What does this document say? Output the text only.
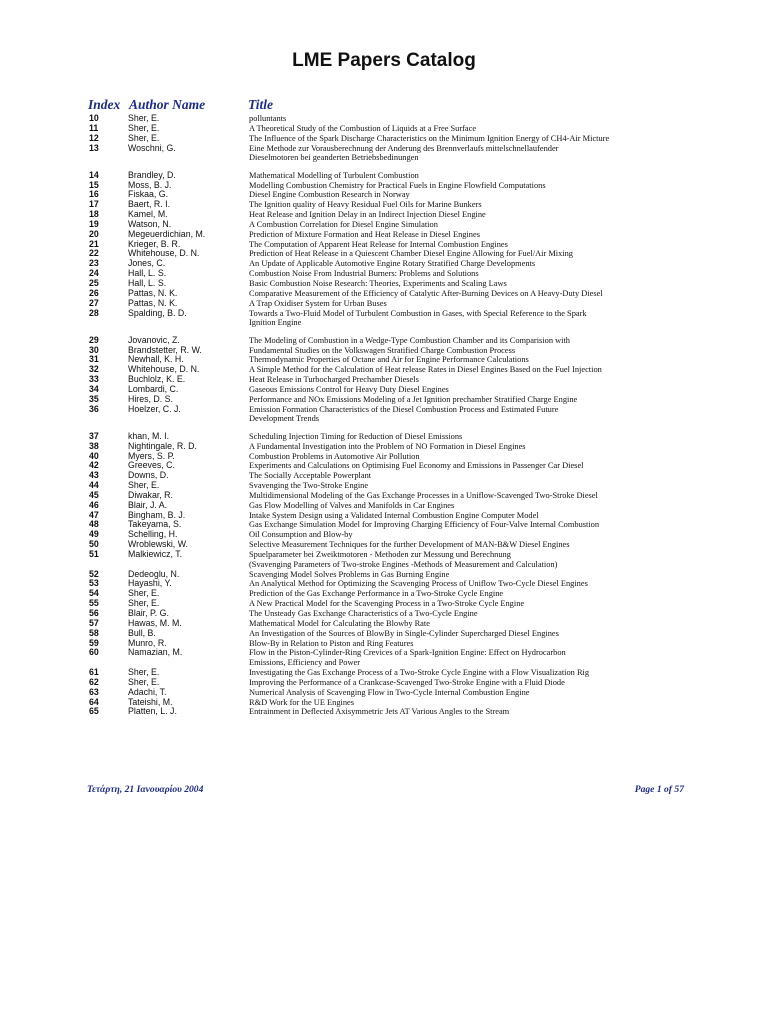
LME Papers Catalog
Index Author Name	Title
10	Sher, E.	polluntants
11	Sher, E.	A Theoretical Study of the Combustion of Liquids at a Free Surface
12	Sher, E.	The Influence of the Spark Discharge Characteristics on the Minimum Ignition Energy of CH4-Air Micture
13	Woschni, G.	Eine Methode zur Vorausberechnung der Anderung des Brennverlaufs mittelschnellaufender
Dieselmotoren bei geanderten Betriebsbedinungen
14	Brandley, D.	Mathematical Modelling of Turbulent Combustion
15	Moss, B. J.	Modelling Combustion Chemistry for Practical Fuels in Engine Flowfield Computations
16	Fiskaa, G.	Diesel Engine Combustion Research in Norway
17	Baert, R. I.	The Ignition quality of Heavy Residual Fuel Oils for Marine Bunkers
18	Kamel, M.	Heat Release and Ignition Delay in an Indirect Injection Diesel Engine
19	Watson, N.	A Combustion Correlation for Diesel Engine Simulation
20	Megeuerdichian, M.	Prediction of Mixture Formation and Heat Release in Diesel Engines
21	Krieger, B. R.	The Computation of Apparent Heat Release for Internal Combustion Engines
22	Whitehouse, D. N.	Prediction of Heat Release in a Quiescent Chamber Diesel Engine Allowing for Fuel/Air Mixing
23	Jones, C.	An Update of Applicable Automotive Engine Rotary Stratified Charge Developments
24	Hall, L. S.	Combustion Noise From Industrial Burners: Problems and Solutions
25	Hall, L. S.	Basic Combustion Noise Research: Theories, Experiments and Scaling Laws
26	Pattas, N. K.	Comparative Measurement of the Efficiency of Catalytic After-Burning Devices on A Heavy-Duty Diesel
27	Pattas, N. K.	A Trap Oxidiser System for Urban Buses
28	Spalding, B. D.	Towards a Two-Fluid Model of Turbulent Combustion in Gases, with Special Reference to the Spark
Ignition Engine
29	Jovanovic, Z.	The Modeling of Combustion in a Wedge-Type Combustion Chamber and its Comparision with
30	Brandstetter, R. W.	Fundamental Studies on the Volkswagen Stratified Charge Combustion Process
31	Newhall, K. H.	Thermodynamic Properties of Octane and Air for Engine Performance Calculations
32	Whitehouse, D. N.	A Simple Method for the Calculation of Heat release Rates in Diesel Engines Based on the Fuel Injection
33	Buchlolz, K. E.	Heat Release in Turbocharged Prechamber Diesels
34	Lombardi, C.	Gaseous Emissions Control for Heavy Duty Diesel Engines
35	Hires, D. S.	Performance and NOx Emissions Modeling of a Jet Ignition prechamber Stratified Charge Engine
36	Hoelzer, C. J.	Emission Formation Characteristics of the Diesel Combustion Process and Estimated Future
Development Trends
37	khan, M. I.	Scheduling Injection Timing for Reduction of Diesel Emissions
38	Nightingale, R. D.	A Fundamental Investigation into the Problem of NO Formation in Diesel Engines
40	Myers, S. P.	Combustion Problems in Automotive Air Pollution
42	Greeves, C.	Experiments and Calculations on Optimising Fuel Economy and Emissions in Passenger Car Diesel
43	Downs, D.	The Socially Acceptable Powerplant
44	Sher, E.	Svavenging the Two-Stroke Engine
45	Diwakar, R.	Multidimensional Modeling of the Gas Exchange Processes in a Uniflow-Scavenged Two-Stroke Diesel
46	Blair, J. A.	Gas Flow Modelling of Valves and Manifolds in Car Engines
47	Bingham, B. J.	Intake System Design using a Validated Internal Combustion Engine Computer Model
48	Takeyama, S.	Gas Exchange Simulation Model for Improving Charging Efficiency of Four-Valve Internal Combustion
49	Schelling, H.	Oil Consumption and Blow-by
50	Wroblewski, W.	Selective Measurement Techniques for the further Development of MAN-B&W Diesel Engines
51	Malkiewicz, T.	Spuelparameter bei Zweiktmotoren - Methoden zur Messung und Berechnung
(Svavenging Parameters of Two-stroke Engines -Methods of Measurement and Calculation)
52	Dedeoglu, N.	Scavenging Model Solves Problems in Gas Burning Engine
53	Hayashi, Y.	An Analytical Method for Optimizing the Scavenging Process of Uniflow Two-Cycle Diesel Engines
54	Sher, E.	Prediction of the Gas Exchange Performance in a Two-Stroke Cycle Engine
55	Sher, E.	A New Practical Model for the Scavenging Process in a Two-Stroke Cycle Engine
56	Blair, P. G.	The Unsteady Gas Exchange Characteristics of a Two-Cycle Engine
57	Hawas, M. M.	Mathematical Model for Calculating the Blowby Rate
58	Bull, B.	An Investigation of the Sources of BlowBy in Single-Cylinder Supercharged Diesel Engines
59	Munro, R.	Blow-By in Relation to Piston and Ring Features
60	Namazian, M.	Flow in the Piston-Cylinder-Ring Crevices of a Spark-Ignition Engine: Effect on Hydrocarbon
Emissions, Efficiency and Power
61	Sher, E.	Investigating the Gas Exchange Process of a Two-Stroke Cycle Engine with a Flow Visualization Rig
62	Sher, E.	Improving the Performance of a Crankcase-Scavenged Two-Stroke Engine with a Fluid Diode
63	Adachi, T.	Numerical Analysis of Scavenging Flow in Two-Cycle Internal Combustion Engine
64	Tateishi, M.	R&D Work for the UE Engines
65	Platten, L. J.	Entrainment in Deflected Axisymmetric Jets AT Various Angles to the Stream
Τετάρτη, 21 Ιανουαρίου 2004	Page 1 of 57
